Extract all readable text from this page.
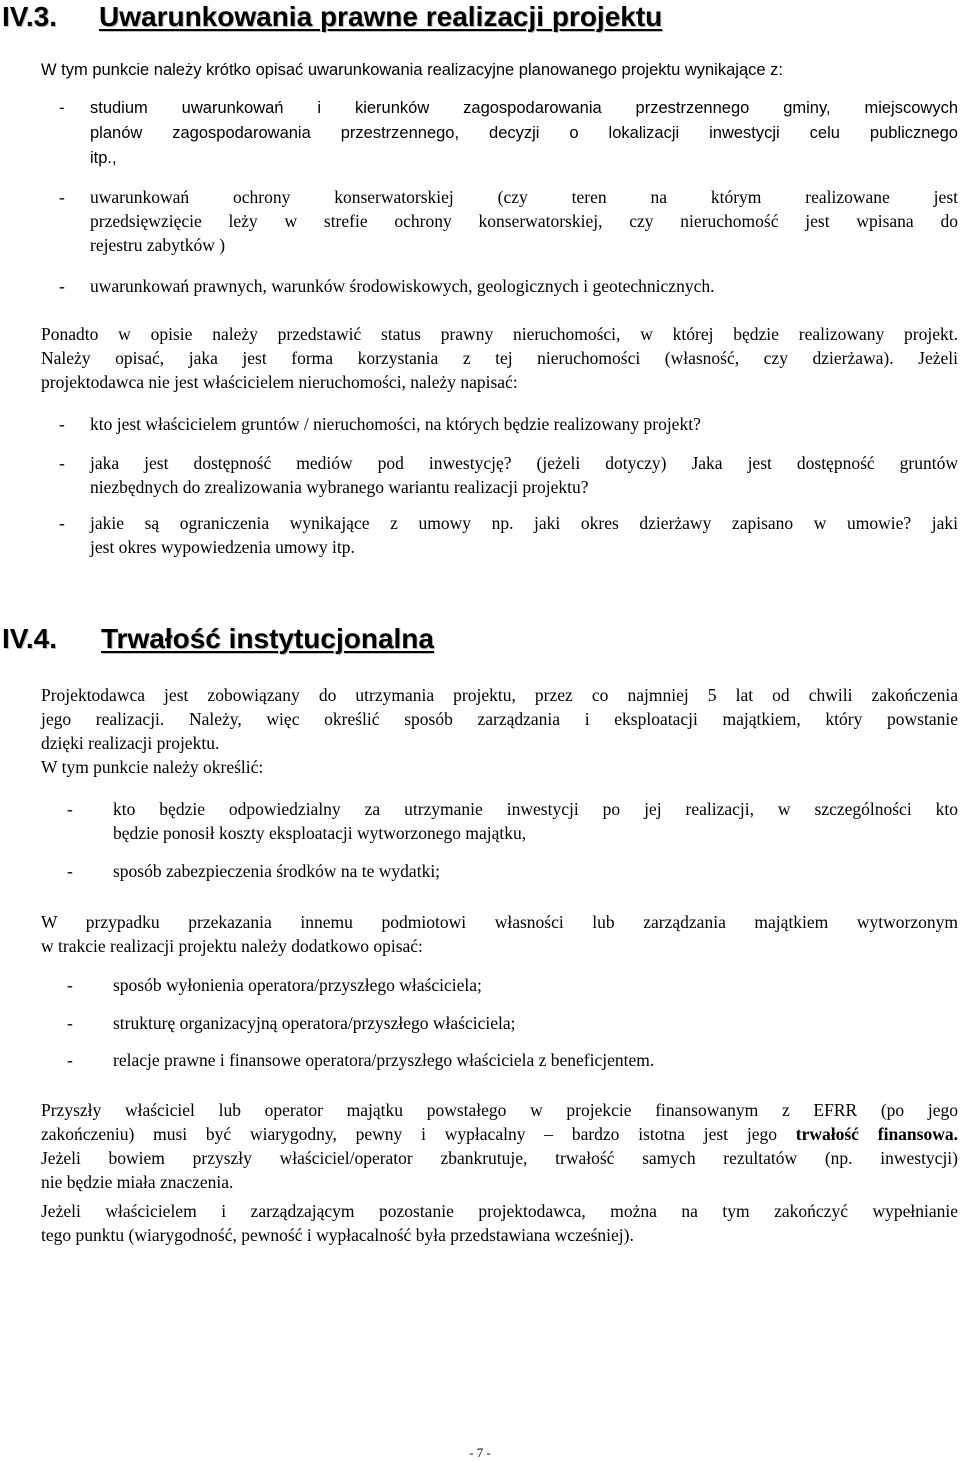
IV.3. Uwarunkowania prawne realizacji projektu
W tym punkcie należy krótko opisać uwarunkowania realizacyjne planowanego projektu wynikające z:
- studium uwarunkowań i kierunków zagospodarowania przestrzennego gminy, miejscowych
planów zagospodarowania przestrzennego, decyzji o lokalizacji inwestycji celu publicznego
itp.,
- uwarunkowań ochrony konserwatorskiej (czy teren na którym realizowane jest
przedsięwzięcie leży w strefie ochrony konserwatorskiej, czy nieruchomość jest wpisana do
rejestru zabytków )
- uwarunkowań prawnych, warunków środowiskowych, geologicznych i geotechnicznych.
Ponadto w opisie należy przedstawić status prawny nieruchomości, w której będzie realizowany projekt.
Należy opisać, jaka jest forma korzystania z tej nieruchomości (własność, czy dzierżawa). Jeżeli
projektodawca nie jest właścicielem nieruchomości, należy napisać:
- kto jest właścicielem gruntów / nieruchomości, na których będzie realizowany projekt?
- jaka jest dostępność mediów pod inwestycję? (jeżeli dotyczy) Jaka jest dostępność gruntów
niezbędnych do zrealizowania wybranego wariantu realizacji projektu?
- jakie są ograniczenia wynikające z umowy np. jaki okres dzierżawy zapisano w umowie? jaki
jest okres wypowiedzenia umowy itp.
IV.4. Trwałość instytucjonalna
Projektodawca jest zobowiązany do utrzymania projektu, przez co najmniej 5 lat od chwili zakończenia
jego realizacji. Należy, więc określić sposób zarządzania i eksploatacji majątkiem, który powstanie
dzięki realizacji projektu.
W tym punkcie należy określić:
- kto będzie odpowiedzialny za utrzymanie inwestycji po jej realizacji, w szczególności kto
będzie ponosił koszty eksploatacji wytworzonego majątku,
- sposób zabezpieczenia środków na te wydatki;
W przypadku przekazania innemu podmiotowi własności lub zarządzania majątkiem wytworzonym
w trakcie realizacji projektu należy dodatkowo opisać:
- sposób wyłonienia operatora/przyszłego właściciela;
- strukturę organizacyjną operatora/przyszłego właściciela;
- relacje prawne i finansowe operatora/przyszłego właściciela z beneficjentem.
Przyszły właściciel lub operator majątku powstałego w projekcie finansowanym z EFRR (po jego
zakończeniu) musi być wiarygodny, pewny i wypłacalny – bardzo istotna jest jego trwałość finansowa.
Jeżeli bowiem przyszły właściciel/operator zbankrutuje, trwałość samych rezultatów (np. inwestycji)
nie będzie miała znaczenia.
Jeżeli właścicielem i zarządzającym pozostanie projektodawca, można na tym zakończyć wypełnianie
tego punktu (wiarygodność, pewność i wypłacalność była przedstawiana wcześniej).
- 7 -
